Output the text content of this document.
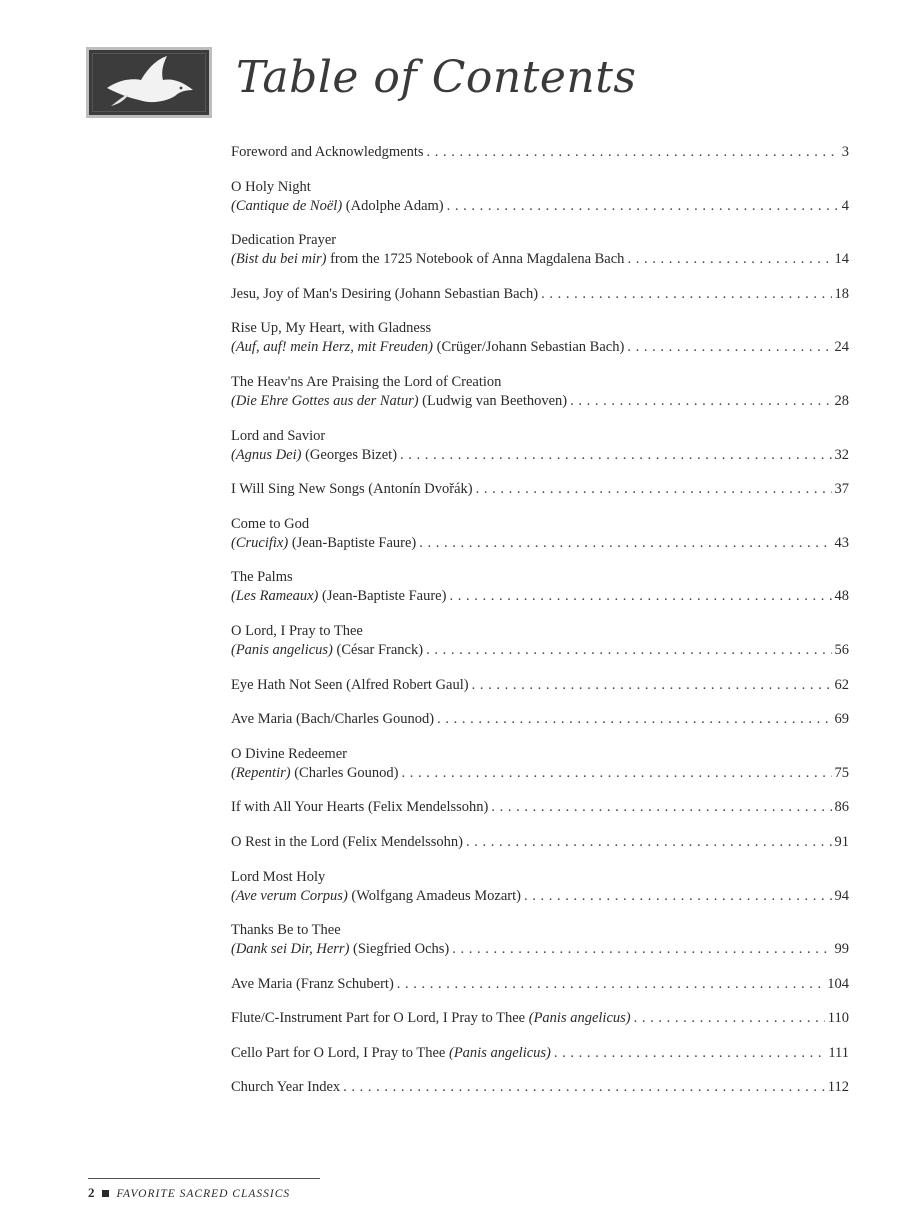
Table of Contents
Foreword and Acknowledgments . . .	3
O Holy Night
(Cantique de Noël) (Adolphe Adam) . . .	4
Dedication Prayer
(Bist du bei mir) from the 1725 Notebook of Anna Magdalena Bach . . .	14
Jesu, Joy of Man's Desiring (Johann Sebastian Bach) . . .	18
Rise Up, My Heart, with Gladness
(Auf, auf! mein Herz, mit Freuden) (Crüger/Johann Sebastian Bach) . . .	24
The Heav'ns Are Praising the Lord of Creation
(Die Ehre Gottes aus der Natur) (Ludwig van Beethoven) . . .	28
Lord and Savior
(Agnus Dei) (Georges Bizet) . . .	32
I Will Sing New Songs (Antonín Dvořák) . . .	37
Come to God
(Crucifix) (Jean-Baptiste Faure) . . .	43
The Palms
(Les Rameaux) (Jean-Baptiste Faure) . . .	48
O Lord, I Pray to Thee
(Panis angelicus) (César Franck) . . .	56
Eye Hath Not Seen (Alfred Robert Gaul) . . .	62
Ave Maria (Bach/Charles Gounod) . . .	69
O Divine Redeemer
(Repentir) (Charles Gounod) . . .	75
If with All Your Hearts (Felix Mendelssohn) . . .	86
O Rest in the Lord (Felix Mendelssohn) . . .	91
Lord Most Holy
(Ave verum Corpus) (Wolfgang Amadeus Mozart) . . .	94
Thanks Be to Thee
(Dank sei Dir, Herr) (Siegfried Ochs) . . .	99
Ave Maria (Franz Schubert) . . .	104
Flute/C-Instrument Part for O Lord, I Pray to Thee (Panis angelicus) . . .	110
Cello Part for O Lord, I Pray to Thee (Panis angelicus) . . .	111
Church Year Index . . .	112
2 FAVORITE SACRED CLASSICS
